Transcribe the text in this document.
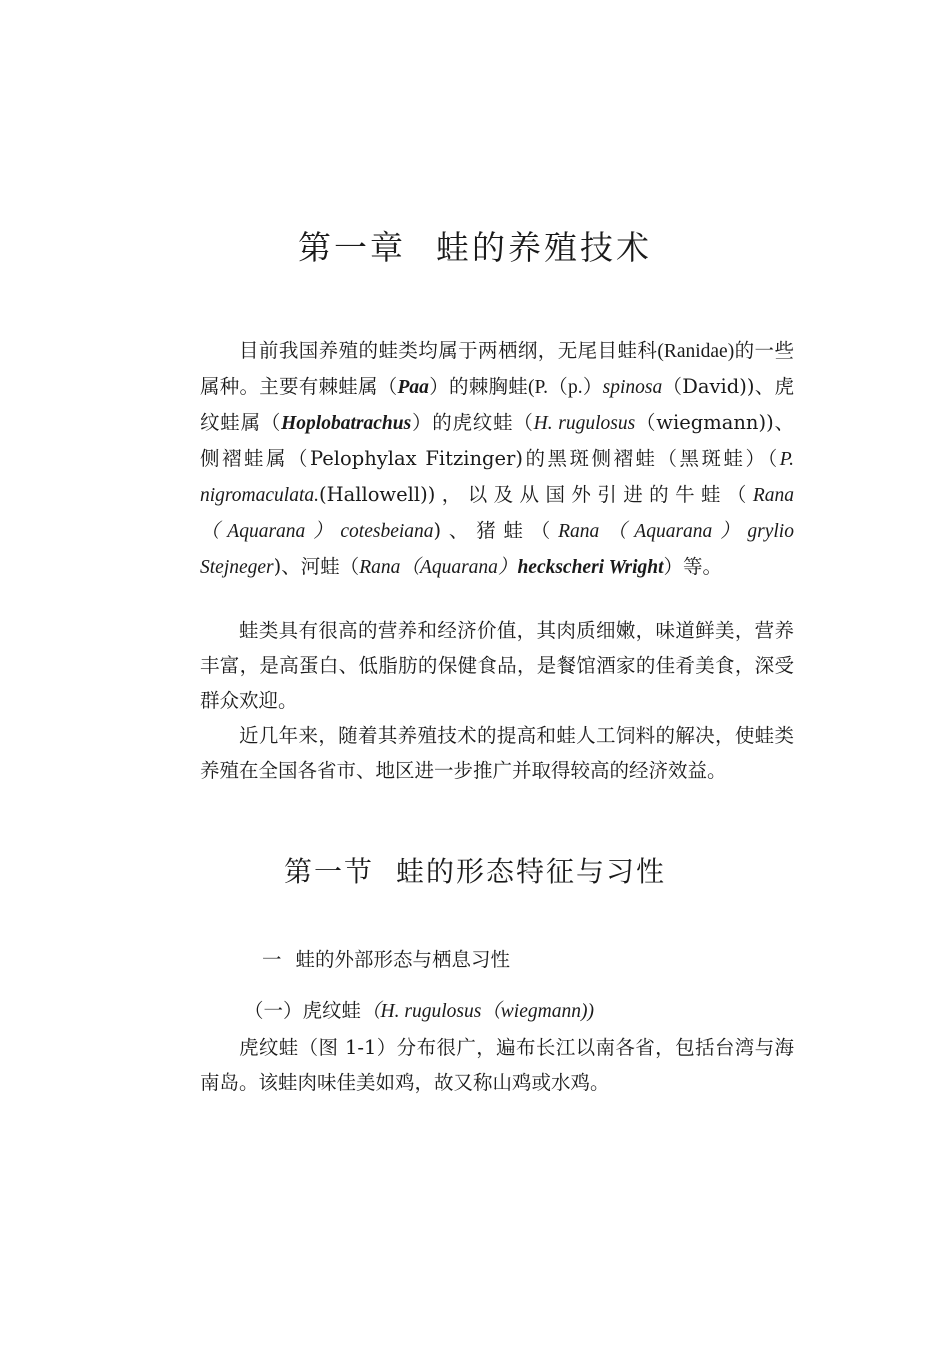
第一章 蛙的养殖技术

目前我国养殖的蛙类均属于两栖纲，无尾目蛙科(Ranidae)的一些属种。主要有棘蛙属（Paa）的棘胸蛙(P.（p.）spinosa（David))、虎纹蛙属（Hoplobatrachus）的虎纹蛙（H. rugulosus（wiegmann))、侧褶蛙属（Pelophylax Fitzinger)的黑斑侧褶蛙（黑斑蛙）（P. nigromaculata.(Hallowell))，以及从国外引进的牛蛙（Rana（Aquarana）cotesbeiana)、猪蛙（Rana（Aquarana）grylio Stejneger)、河蛙（Rana（Aquarana）heckscheri Wright）等。

蛙类具有很高的营养和经济价值，其肉质细嫩，味道鲜美，营养丰富，是高蛋白、低脂肪的保健食品，是餐馆酒家的佳肴美食，深受群众欢迎。

近几年来，随着其养殖技术的提高和蛙人工饲料的解决，使蛙类养殖在全国各省市、地区进一步推广并取得较高的经济效益。

第一节 蛙的形态特征与习性
一 蛙的外部形态与栖息习性
（一）虎纹蛙（H. rugulosus（wiegmann))

虎纹蛙（图 1-1）分布很广，遍布长江以南各省，包括台湾与海南岛。该蛙肉味佳美如鸡，故又称山鸡或水鸡。
